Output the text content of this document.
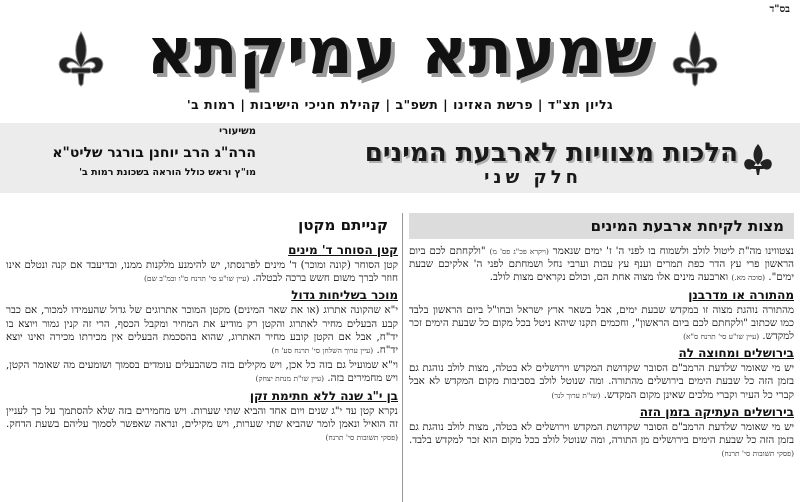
בס"ד
שמעתא עמיקתא
גליון תצ"ד | פרשת האזינו | תשפ"ב | קהילת חניכי הישיבות | רמות ב'
הלכות מצוויות לארבעת המינים
חלק שני
משיעורי
הרה"ג הרב יוחנן בורגר שליט"א
מו"ץ וראש כולל הוראה בשכונת רמות ב'
מצות לקיחת ארבעת המינים

נצטווינו מה"ת ליטול לולב ולשמוח בו לפני ה' ז' ימים שנאמר (ויקרא פכ"ג פס' מ) "ולקחתם לכם ביום הראשון פרי עץ הדר כפת תמרים וענף עץ עבות וערבי נחל ושמחתם לפני ה' אלקיכם שבעת ימים". (סוכה מא.) וארבעה מינים אלו מצוה אחת הם, וכולם נקראים מצות לולב.

מהתורה או מדרבנן

מהתורה נוהגת מצוה זו במקדש שבעת ימים, אבל בשאר ארץ ישראל ובחו"ל ביום הראשון בלבד כמו שכתוב "ולקחתם לכם ביום הראשון", וחכמים תקנו שיהא ניטל בכל מקום כל שבעת הימים זכר למקדש. (עיין שו"ע סי' תרנח ס"א)

בירושלים ומחוצה לה

יש מי שאומר שלדעת הרמב"ם הסובר שקדושת המקדש וירושלים לא בטלה, מצות לולב נוהגת גם בזמן הזה כל שבעת הימים בירושלים מהתורה. ומה שנוטל לולב בסביבות מקום המקדש לא אבל קברי כל העיר וקברי מלכים שאינן מקום המקדש. (שו"ת ערוך לנר)

בירושלים העתיקה בזמן הזה

יש מי שאומר שלדעת הרמב"ם הסובר שקדושת המקדש וירושלים לא בטלה, מצות לולב נוהגת גם בזמן הזה כל שבעת הימים בירושלים מן התורה, ומה שנוטל לולב בכל מקום הוא זכר למקדש בלבד. (פסקי תשובות סי' תרנח)

קנייתם מקטן
קטן הסוחר ד' מינים

קטן הסוחר (קונה ומוכר) ד' מינים לפרנסתו, יש להימנע מלקנות ממנו, ובדיעבד אם קנה ונטלם אינו חוזר לברך משום חשש ברכה לבטלה. (עיין שו"ע סי' תרנח ס"ו ובמ"ב שם)

מוכר בשליחות גדול

י"א שהקונה אתרוג (או את שאר המינים) מקטן המוכר אתרוגים של גדול שהעמידו למכור, אם כבר קבע הבעלים מחיר לאתרוג והקטן רק מודיע את המחיר ומקבל הכסף, הרי זה קנין גמור ויוצא בו יד"ח, אבל אם הקטן קובע מחיר האתרוג, שהוא בהסכמת הבעלים אין מכירתו מכירה ואינו יוצא יד"ח. (עיין ערוך השלחן סי' תרנח סע' ח)

וי"א שמועיל גם בזה כל אכן, ויש מקילים בזה כשהבעלים עומדים בסמוך ושומעים מה שאומר הקטן, ויש מחמירים בזה. (עיין שו"ת מנחת יצחק)

בן י"ג שנה ללא חתימת זקן

נקרא קטן עד י"ג שנים ויום אחד והביא שתי שערות. ויש מחמירים בזה שלא להסתמך על כך לעניין זה הואיל ונאמן לומר שהביא שתי שערות, ויש מקילים, ונראה שאפשר לסמוך עליהם בשעת הדחק. (פסקי תשובות סי' תרנח)
